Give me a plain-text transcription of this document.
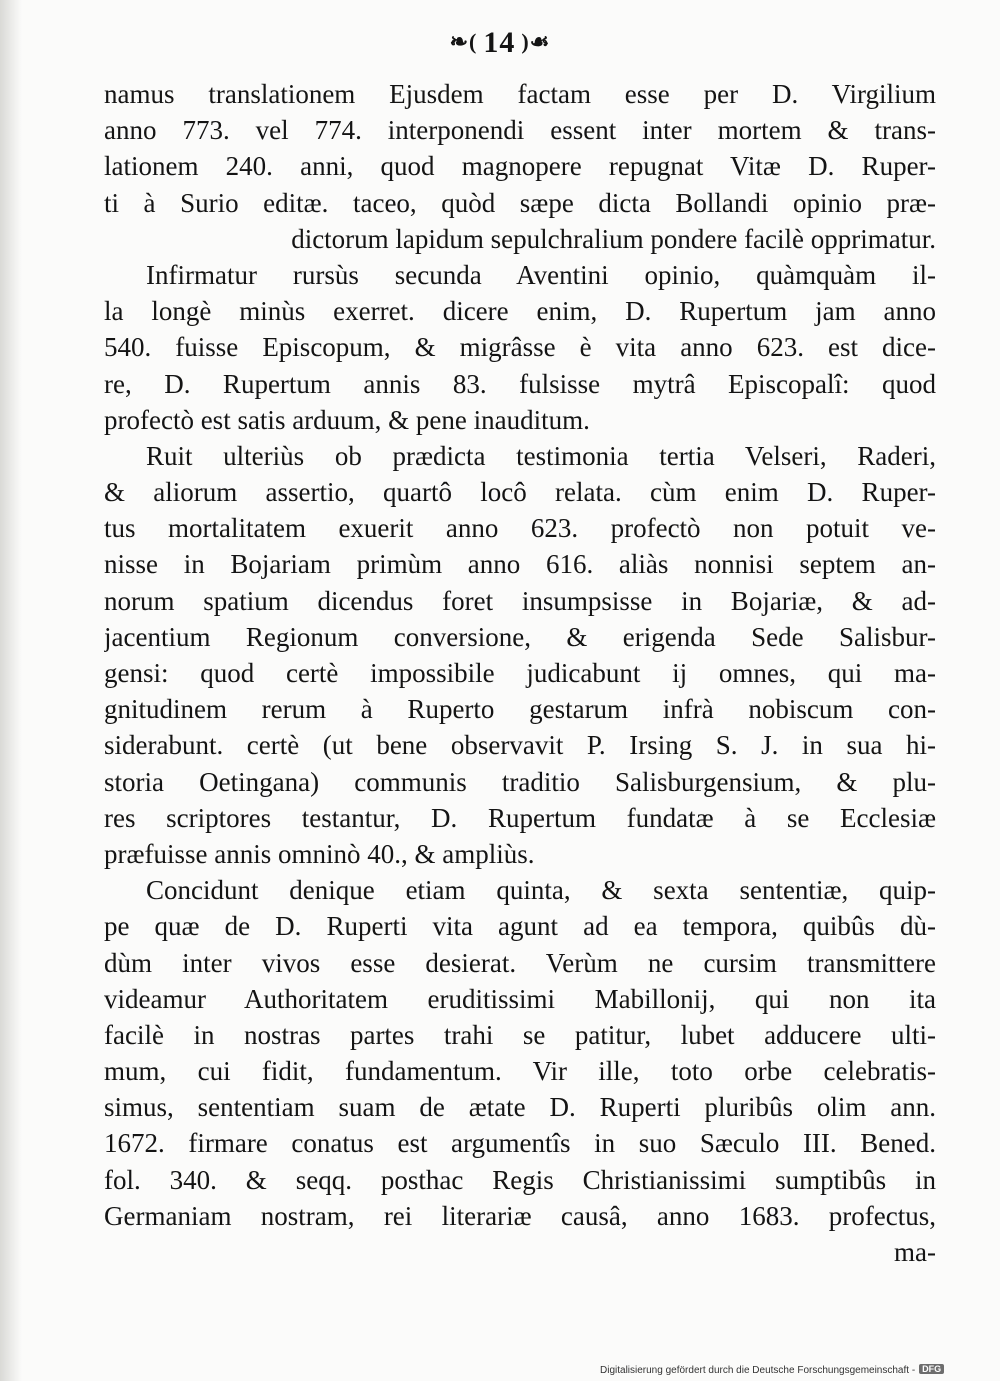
❧( 14 )☙
namus translationem Ejusdem factam esse per D. Virgilium
anno 773. vel 774. interponendi essent inter mortem & trans-
lationem 240. anni, quod magnopere repugnat Vitæ D. Ruper-
ti à Surio editæ. taceo, quòd sæpe dicta Bollandi opinio præ-
dictorum lapidum sepulchralium pondere facilè opprimatur.
Infirmatur rursùs secunda Aventini opinio, quàmquàm il-
la longè minùs exerret. dicere enim, D. Rupertum jam anno
540. fuisse Episcopum, & migrâsse è vita anno 623. est dice-
re, D. Rupertum annis 83. fulsisse mytrâ Episcopalî: quod
profectò est satis arduum, & pene inauditum.
Ruit ulteriùs ob prædicta testimonia tertia Velseri, Raderi,
& aliorum assertio, quartô locô relata. cùm enim D. Ruper-
tus mortalitatem exuerit anno 623. profectò non potuit ve-
nisse in Bojariam primùm anno 616. aliàs nonnisi septem an-
norum spatium dicendus foret insumpsisse in Bojariæ, & ad-
jacentium Regionum conversione, & erigenda Sede Salisbur-
gensi: quod certè impossibile judicabunt ij omnes, qui ma-
gnitudinem rerum à Ruperto gestarum infrà nobiscum con-
siderabunt. certè (ut bene observavit P. Irsing S. J. in sua hi-
storia Oetingana) communis traditio Salisburgensium, & plu-
res scriptores testantur, D. Rupertum fundatæ à se Ecclesiæ
præfuisse annis omninò 40., & ampliùs.
Concidunt denique etiam quinta, & sexta sententiæ, quip-
pe quæ de D. Ruperti vita agunt ad ea tempora, quibûs dù-
dùm inter vivos esse desierat. Verùm ne cursim transmittere
videamur Authoritatem eruditissimi Mabillonij, qui non ita
facilè in nostras partes trahi se patitur, lubet adducere ulti-
mum, cui fidit, fundamentum. Vir ille, toto orbe celebratis-
simus, sententiam suam de ætate D. Ruperti pluribûs olim ann.
1672. firmare conatus est argumentîs in suo Sæculo III. Bened.
fol. 340. & seqq. posthac Regis Christianissimi sumptibûs in
Germaniam nostram, rei literariæ causâ, anno 1683. profectus,
ma-
Digitalisierung gefördert durch die Deutsche Forschungsgemeinschaft - DFG
